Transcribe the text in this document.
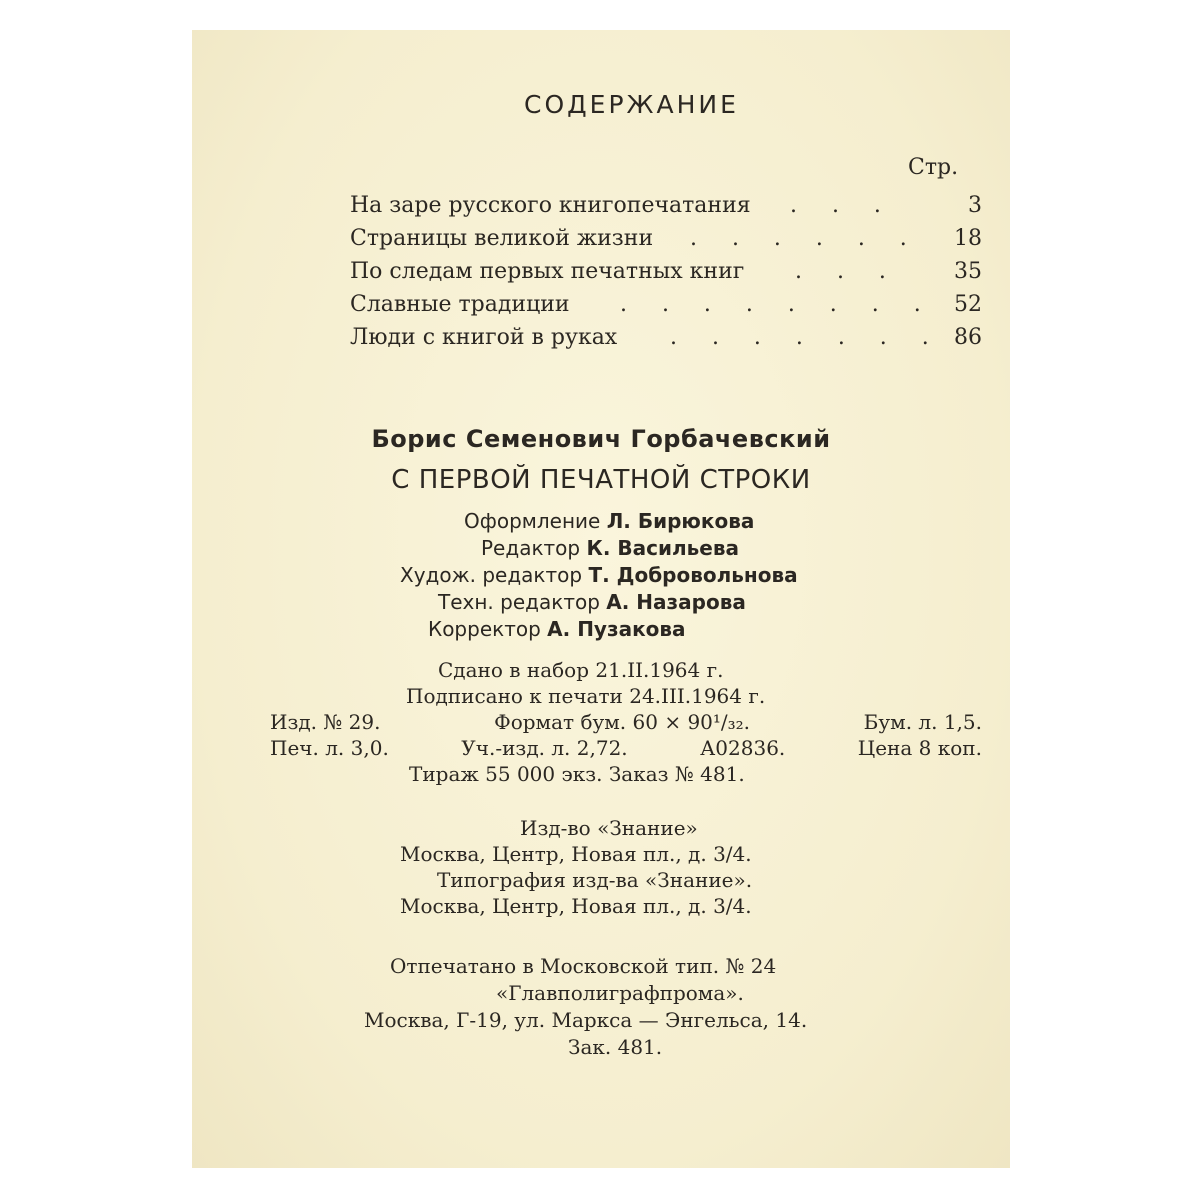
СОДЕРЖАНИЕ
Стр.
На заре русского книгопечатания .     .     .	3
Страницы великой жизни .     .     .     .     .     . 18
По следам первых печатных книг .     .     .	35
Славные традиции .     .     .     .     .     .     .     . 52
Люди с книгой в руках .     .     .     .     .     .     . 86
Борис Семенович Горбачевский
С ПЕРВОЙ ПЕЧАТНОЙ СТРОКИ
Оформление Л. Бирюкова
Редактор К. Васильева
Худож. редактор Т. Добровольнова
Техн. редактор А. Назарова
Корректор А. Пузакова
Сдано в набор 21.II.1964 г.
Подписано к печати 24.III.1964 г.
Изд. № 29.	Формат бум. 60 × 90¹/₃₂.	Бум. л. 1,5.
Печ. л. 3,0.	Уч.-изд. л. 2,72.	А02836.	Цена 8 коп.
Тираж 55 000 экз. Заказ № 481.
Изд-во «Знание»
Москва, Центр, Новая пл., д. 3/4.
Типография изд-ва «Знание».
Москва, Центр, Новая пл., д. 3/4.
Отпечатано в Московской тип. № 24
«Главполиграфпрома».
Москва, Г-19, ул. Маркса — Энгельса, 14.
Зак. 481.
